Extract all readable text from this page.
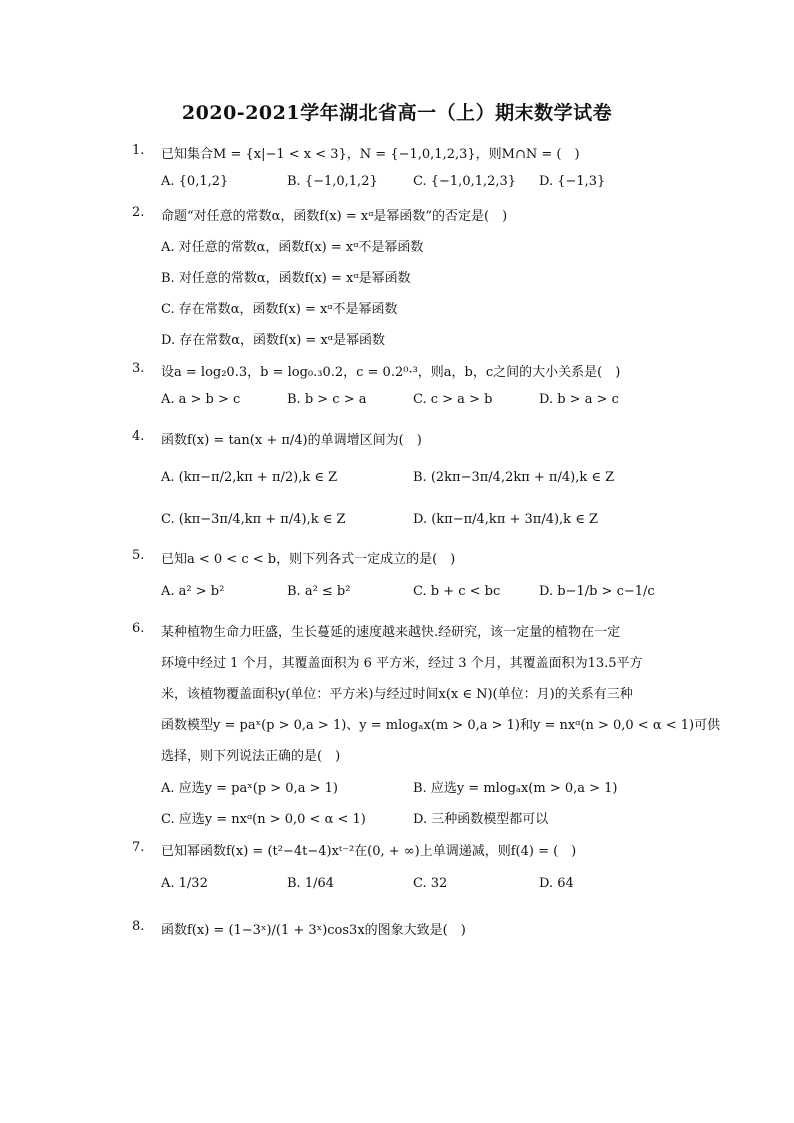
2020-2021学年湖北省高一（上）期末数学试卷
1.	已知集合M = {x|−1 < x < 3}，N = {−1,0,1,2,3}，则M∩N = (　)
A. {0,1,2}	B. {−1,0,1,2}	C. {−1,0,1,2,3} D. {−1,3}
2.	命题“对任意的常数α，函数f(x) = xᵅ是幂函数”的否定是(　)
A. 对任意的常数α，函数f(x) = xᵅ不是幂函数
B. 对任意的常数α，函数f(x) = xᵅ是幂函数
C. 存在常数α，函数f(x) = xᵅ不是幂函数
D. 存在常数α，函数f(x) = xᵅ是幂函数
3.	设a = log₂0.3，b = log₀.₃0.2，c = 0.2⁰·³，则a，b，c之间的大小关系是(　)
A. a > b > c	B. b > c > a	C. c > a > b	D. b > a > c
4.	函数f(x) = tan(x + π/4)的单调增区间为(　)
A. (kπ−π/2,kπ + π/2),k ∈ Z	B. (2kπ−3π/4,2kπ + π/4),k ∈ Z
C. (kπ−3π/4,kπ + π/4),k ∈ Z	D. (kπ−π/4,kπ + 3π/4),k ∈ Z
5.	已知a < 0 < c < b，则下列各式一定成立的是(　)
A. a² > b²	B. a² ≤ b²	C. b + c < bc	D. b−1/b > c−1/c
6.	某种植物生命力旺盛，生长蔓延的速度越来越快.经研究，该一定量的植物在一定
环境中经过 1 个月，其覆盖面积为 6 平方米，经过 3 个月，其覆盖面积为13.5平方
米，该植物覆盖面积y(单位：平方米)与经过时间x(x ∈ N)(单位：月)的关系有三种
函数模型y = paˣ(p > 0,a > 1)、y = mlogₐx(m > 0,a > 1)和y = nxᵅ(n > 0,0 < α < 1)可供
选择，则下列说法正确的是(　)
A. 应选y = paˣ(p > 0,a > 1)	B. 应选y = mlogₐx(m > 0,a > 1)
C. 应选y = nxᵅ(n > 0,0 < α < 1)	D. 三种函数模型都可以
7.	已知幂函数f(x) = (t²−4t−4)xᵗ⁻²在(0, + ∞)上单调递减，则f(4) = (　)
A. 1/32	B. 1/64	C. 32	D. 64
8.	函数f(x) = (1−3ˣ)/(1 + 3ˣ)cos3x的图象大致是(　)
